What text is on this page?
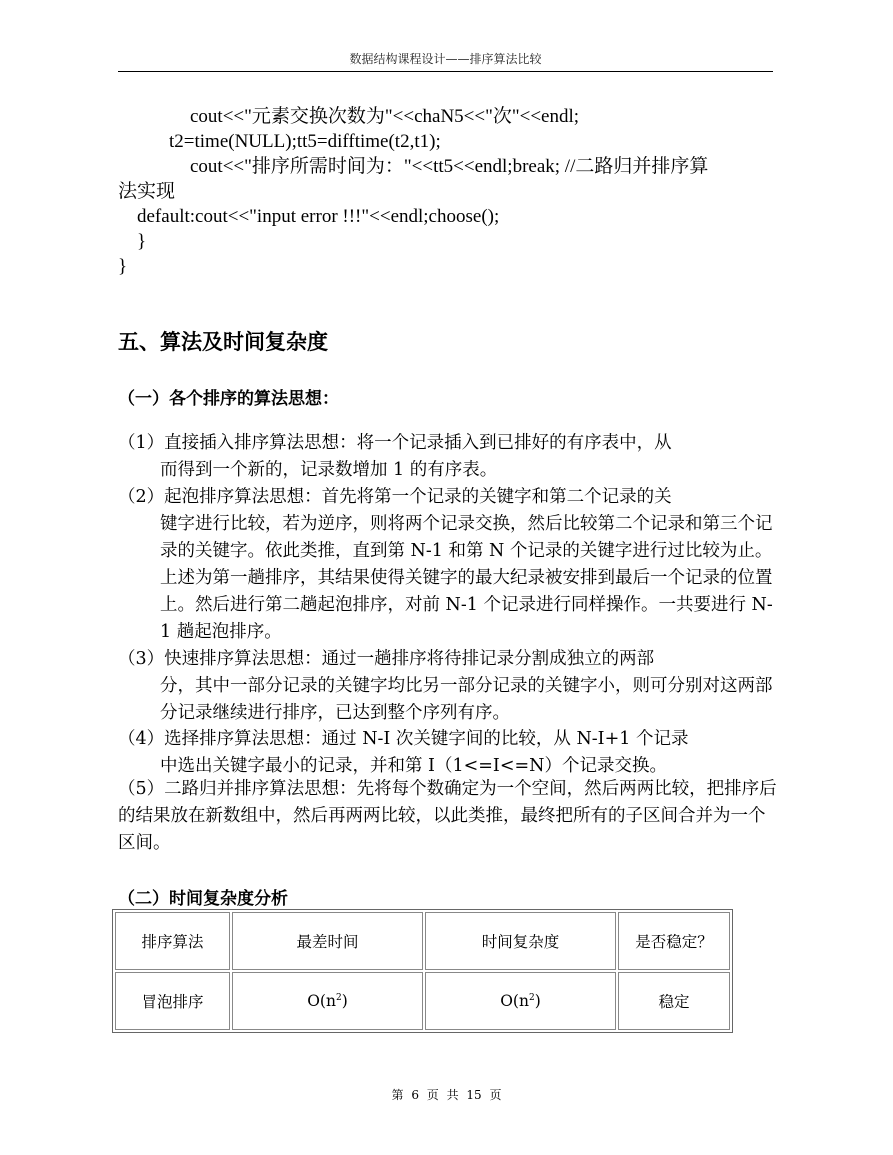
数据结构课程设计——排序算法比较
cout<<"元素交换次数为"<<chaN5<<"次"<<endl;
t2=time(NULL);tt5=difftime(t2,t1);
cout<<"排序所需时间为："<<tt5<<endl;break; //二路归并排序算
法实现
default:cout<<"input error !!!"<<endl;choose();
}
}
五、算法及时间复杂度
（一）各个排序的算法思想：
（1）直接插入排序算法思想：将一个记录插入到已排好的有序表中，从
而得到一个新的，记录数增加 1 的有序表。
（2）起泡排序算法思想：首先将第一个记录的关键字和第二个记录的关
键字进行比较，若为逆序，则将两个记录交换，然后比较第二个记录和第三个记录的关键字。依此类推，直到第 N-1 和第 N 个记录的关键字进行过比较为止。上述为第一趟排序，其结果使得关键字的最大纪录被安排到最后一个记录的位置上。然后进行第二趟起泡排序，对前 N-1 个记录进行同样操作。一共要进行 N-1 趟起泡排序。
（3）快速排序算法思想：通过一趟排序将待排记录分割成独立的两部
分，其中一部分记录的关键字均比另一部分记录的关键字小，则可分别对这两部分记录继续进行排序，已达到整个序列有序。
（4）选择排序算法思想：通过 N-I 次关键字间的比较，从 N-I+1 个记录
中选出关键字最小的记录，并和第 I（1<=I<=N）个记录交换。
（5）二路归并排序算法思想：先将每个数确定为一个空间，然后两两比较，把排序后的结果放在新数组中，然后再两两比较，以此类推，最终把所有的子区间合并为一个区间。
（二）时间复杂度分析
排序算法	最差时间	时间复杂度	是否稳定？
冒泡排序	$O(n^2)$	$O(n^2)$	稳定
第 6 页 共 15 页
